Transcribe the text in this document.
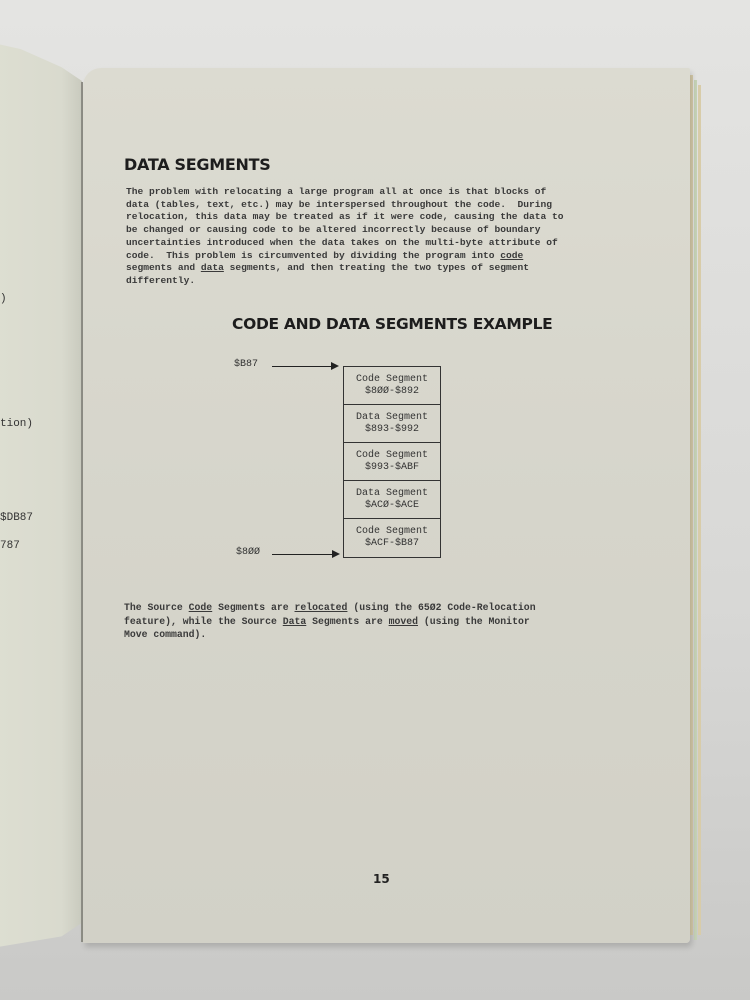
)
tion)
$DB87
787
DATA SEGMENTS
The problem with relocating a large program all at once is that blocks of
data (tables, text, etc.) may be interspersed throughout the code.  During
relocation, this data may be treated as if it were code, causing the data to
be changed or causing code to be altered incorrectly because of boundary
uncertainties introduced when the data takes on the multi-byte attribute of
code.  This problem is circumvented by dividing the program into code
segments and data segments, and then treating the two types of segment
differently.
CODE AND DATA SEGMENTS EXAMPLE
$B87
Code Segment
$8ØØ-$892
Data Segment
$893-$992
Code Segment
$993-$ABF
Data Segment
$ACØ-$ACE
Code Segment
$ACF-$B87
$8ØØ
The Source Code Segments are relocated (using the 65Ø2 Code-Relocation
feature), while the Source Data Segments are moved (using the Monitor
Move command).
15
